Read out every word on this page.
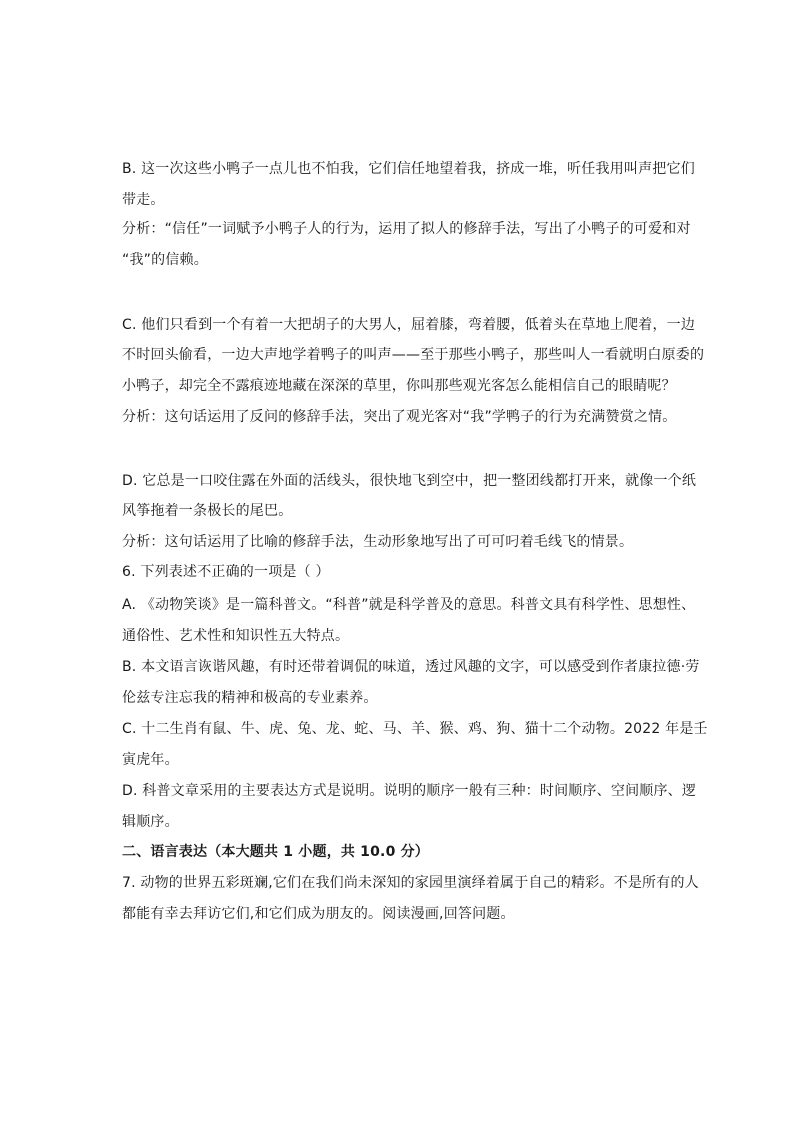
B. 这一次这些小鸭子一点儿也不怕我，它们信任地望着我，挤成一堆，听任我用叫声把它们
带走。
分析：“信任”一词赋予小鸭子人的行为，运用了拟人的修辞手法，写出了小鸭子的可爱和对
“我”的信赖。
C. 他们只看到一个有着一大把胡子的大男人，屈着膝，弯着腰，低着头在草地上爬着，一边
不时回头偷看，一边大声地学着鸭子的叫声——至于那些小鸭子，那些叫人一看就明白原委的
小鸭子，却完全不露痕迹地藏在深深的草里，你叫那些观光客怎么能相信自己的眼睛呢？
分析：这句话运用了反问的修辞手法，突出了观光客对“我”学鸭子的行为充满赞赏之情。
D. 它总是一口咬住露在外面的活线头，很快地飞到空中，把一整团线都打开来，就像一个纸
风筝拖着一条极长的尾巴。
分析：这句话运用了比喻的修辞手法，生动形象地写出了可可叼着毛线飞的情景。
6. 下列表述不正确的一项是（ ）
A. 《动物笑谈》是一篇科普文。“科普”就是科学普及的意思。科普文具有科学性、思想性、
通俗性、艺术性和知识性五大特点。
B. 本文语言诙谐风趣，有时还带着调侃的味道，透过风趣的文字，可以感受到作者康拉德·劳
伦兹专注忘我的精神和极高的专业素养。
C. 十二生肖有鼠、牛、虎、兔、龙、蛇、马、羊、猴、鸡、狗、猫十二个动物。2022 年是壬
寅虎年。
D. 科普文章采用的主要表达方式是说明。说明的顺序一般有三种：时间顺序、空间顺序、逻
辑顺序。
二、语言表达（本大题共 1 小题，共 10.0 分）
7. 动物的世界五彩斑斓,它们在我们尚未深知的家园里演绎着属于自己的精彩。不是所有的人
都能有幸去拜访它们,和它们成为朋友的。阅读漫画,回答问题。
